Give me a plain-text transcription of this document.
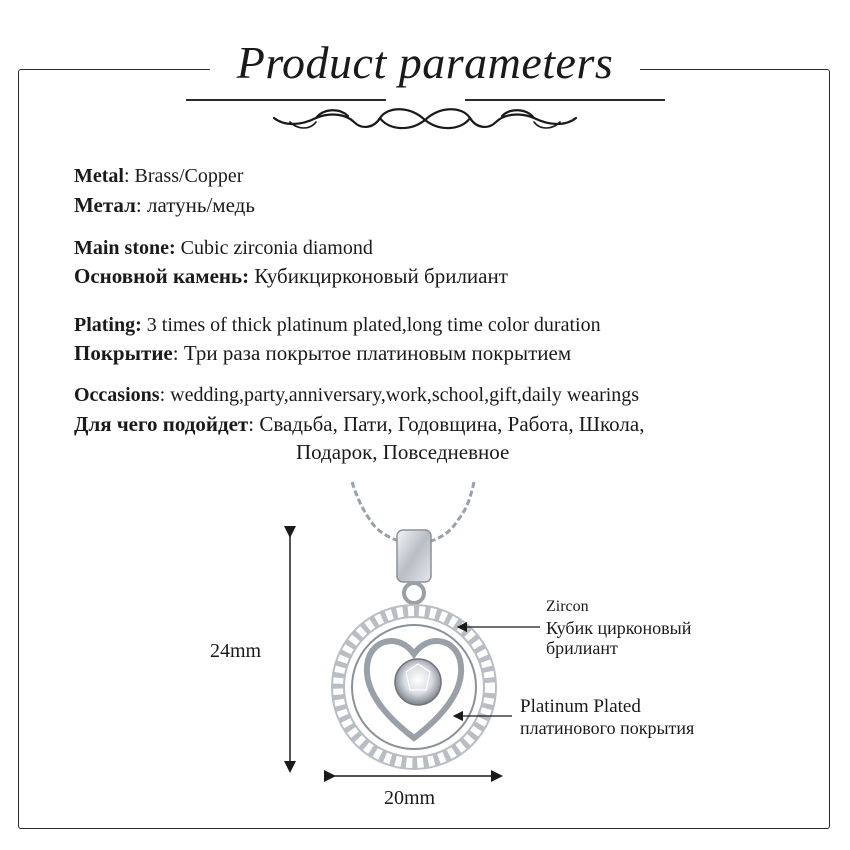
Product parameters
Metal: Brass/Copper
Метал: латунь/медь
Main stone: Cubic zirconia diamond
Основной камень: Кубикцирконовый брилиант
Plating: 3 times of thick platinum plated,long time color duration
Покрытие: Три раза покрытое платиновым покрытием
Occasions: wedding,party,anniversary,work,school,gift,daily wearings
Для чего подойдет: Свадьба, Пати, Годовщина, Работа, Школа,
Подарок, Повседневное
24mm
20mm
Zircon
Кубик цирконовый
брилиант
Platinum Plated
платинового покрытия
